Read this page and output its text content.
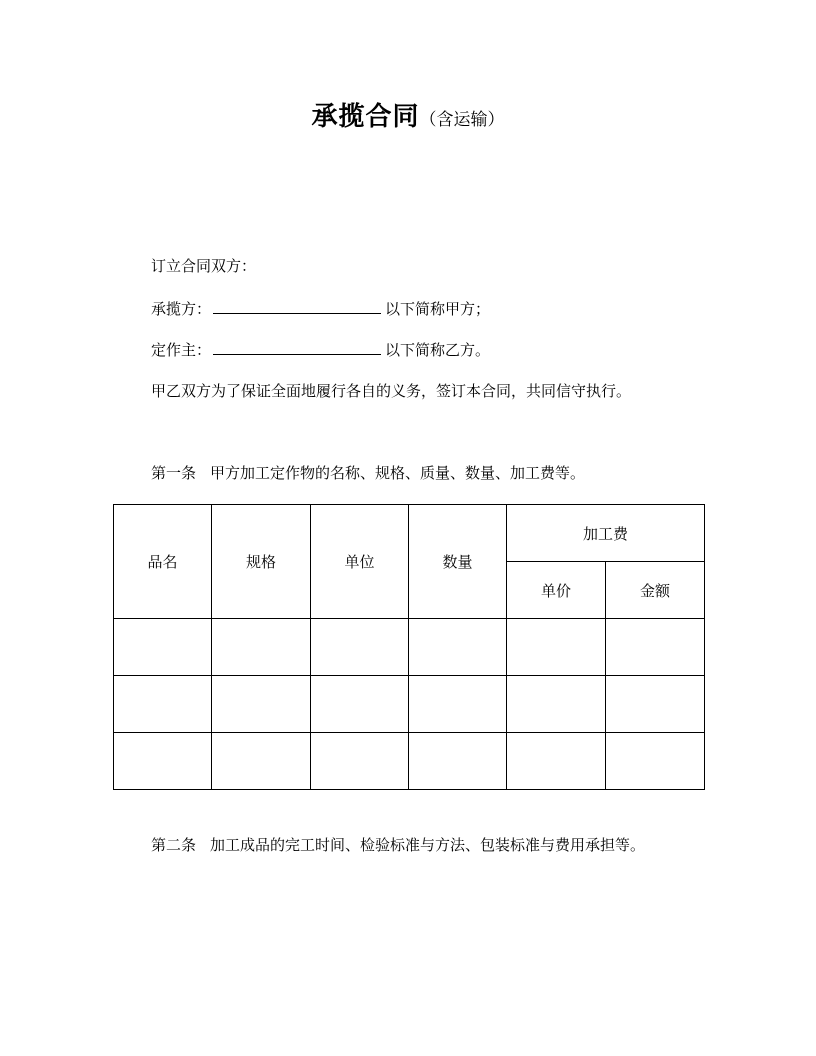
承揽合同（含运输）
订立合同双方：
承揽方：	以下简称甲方；
定作主：	以下简称乙方。
甲乙双方为了保证全面地履行各自的义务，签订本合同，共同信守执行。
第一条 甲方加工定作物的名称、规格、质量、数量、加工费等。
品名	规格	单位	数量	加工费	
				单价	金额

第二条 加工成品的完工时间、检验标准与方法、包装标准与费用承担等。
